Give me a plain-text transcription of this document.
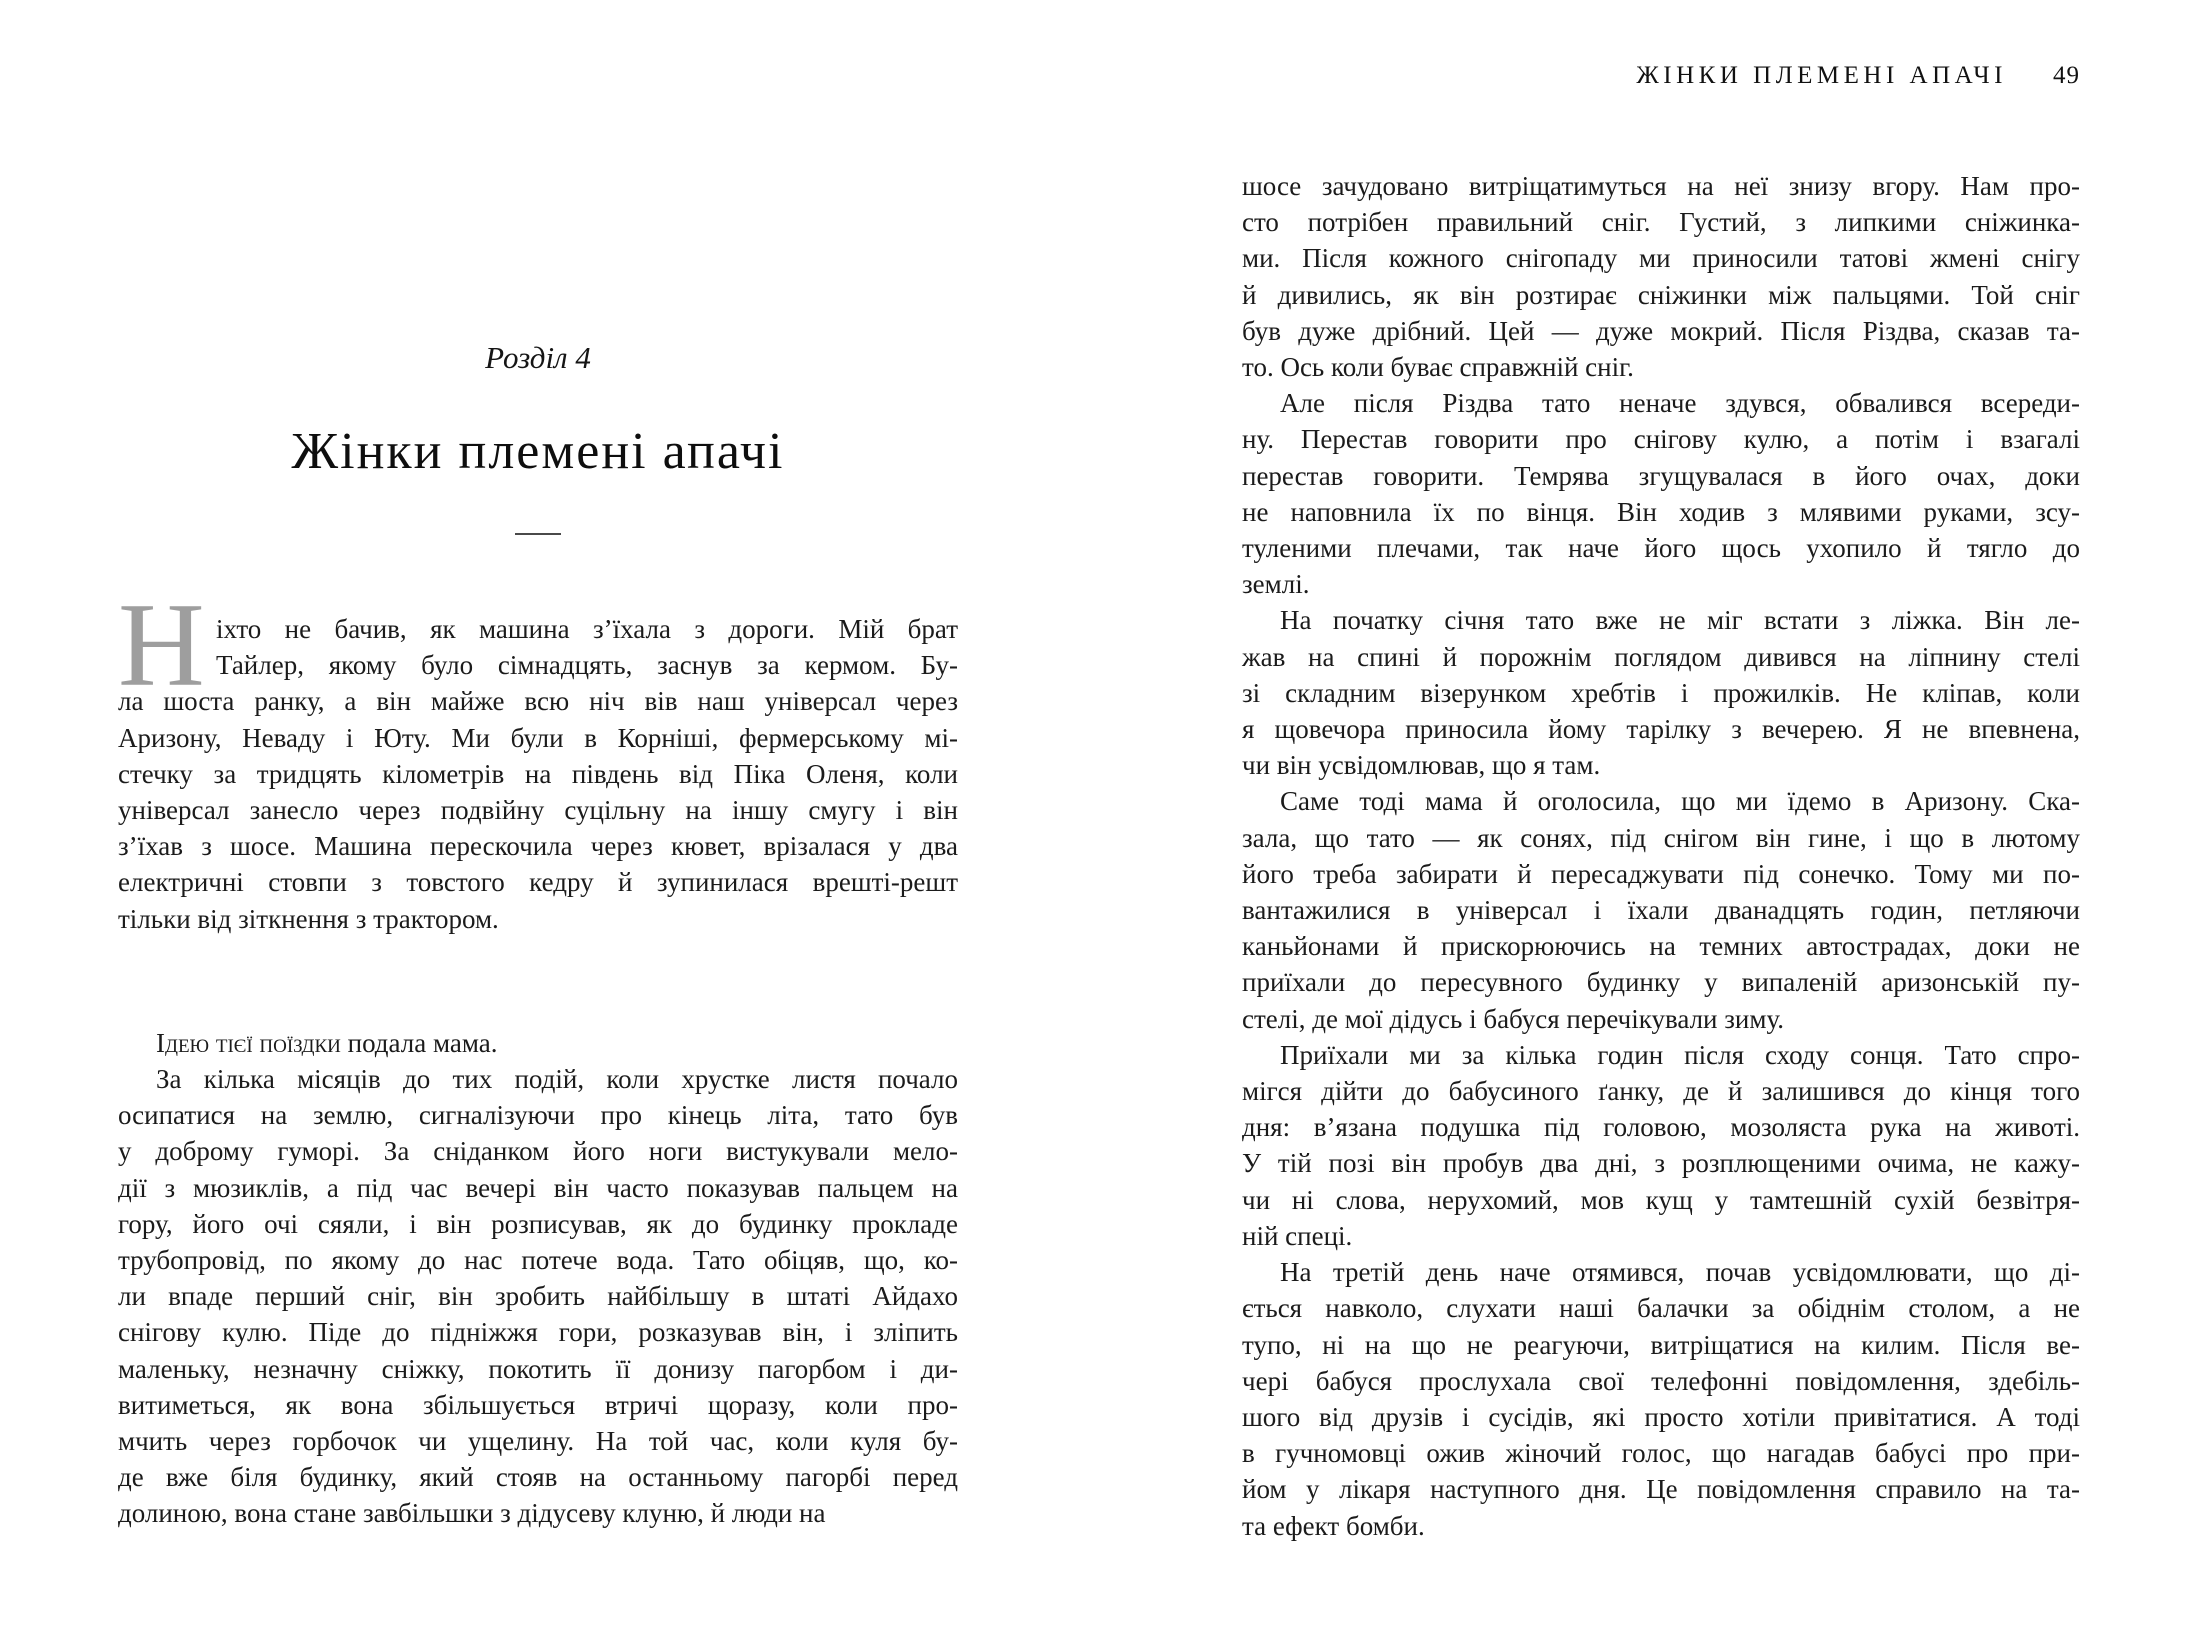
ЖІНКИ ПЛЕМЕНІ АПАЧІ 49
Розділ 4
Жінки племені апачі
Н іхто не бачив, як машина з’їхала з дороги. Мій брат
Тайлер, якому було сімнадцять, заснув за кермом. Бу-
ла шоста ранку, а він майже всю ніч вів наш універсал через
Аризону, Неваду і Юту. Ми були в Корніші, фермерському мі-
стечку за тридцять кілометрів на південь від Піка Оленя, коли
універсал занесло через подвійну суцільну на іншу смугу і він
з’їхав з шосе. Машина перескочила через кювет, врізалася у два
електричні стовпи з товстого кедру й зупинилася врешті-решт
тільки від зіткнення з трактором.
Ідею тієї поїздки подала мама.
За кілька місяців до тих подій, коли хрустке листя почало
осипатися на землю, сигналізуючи про кінець літа, тато був
у доброму гуморі. За сніданком його ноги вистукували мело-
дії з мюзиклів, а під час вечері він часто показував пальцем на
гору, його очі сяяли, і він розписував, як до будинку прокладе
трубопровід, по якому до нас потече вода. Тато обіцяв, що, ко-
ли впаде перший сніг, він зробить найбільшу в штаті Айдахо
снігову кулю. Піде до підніжжя гори, розказував він, і зліпить
маленьку, незначну сніжку, покотить її донизу пагорбом і ди-
витиметься, як вона збільшується втричі щоразу, коли про-
мчить через горбочок чи ущелину. На той час, коли куля бу-
де вже біля будинку, який стояв на останньому пагорбі перед
долиною, вона стане завбільшки з дідусеву клуню, й люди на
шосе зачудовано витріщатимуться на неї знизу вгору. Нам про-
сто потрібен правильний сніг. Густий, з липкими сніжинка-
ми. Після кожного снігопаду ми приносили татові жмені снігу
й дивились, як він розтирає сніжинки між пальцями. Той сніг
був дуже дрібний. Цей — дуже мокрий. Після Різдва, сказав та-
то. Ось коли буває справжній сніг.
Але після Різдва тато неначе здувся, обвалився всереди-
ну. Перестав говорити про снігову кулю, а потім і взагалі
перестав говорити. Темрява згущувалася в його очах, доки
не наповнила їх по вінця. Він ходив з млявими руками, зсу-
туленими плечами, так наче його щось ухопило й тягло до
землі.
На початку січня тато вже не міг встати з ліжка. Він ле-
жав на спині й порожнім поглядом дивився на ліпнину стелі
зі складним візерунком хребтів і прожилків. Не кліпав, коли
я щовечора приносила йому тарілку з вечерею. Я не впевнена,
чи він усвідомлював, що я там.
Саме тоді мама й оголосила, що ми їдемо в Аризону. Ска-
зала, що тато — як сонях, під снігом він гине, і що в лютому
його треба забирати й пересаджувати під сонечко. Тому ми по-
вантажилися в універсал і їхали дванадцять годин, петляючи
каньйонами й прискорюючись на темних автострадах, доки не
приїхали до пересувного будинку у випаленій аризонській пу-
стелі, де мої дідусь і бабуся перечікували зиму.
Приїхали ми за кілька годин після сходу сонця. Тато спро-
мігся дійти до бабусиного ґанку, де й залишився до кінця того
дня: в’язана подушка під головою, мозоляста рука на животі.
У тій позі він пробув два дні, з розплющеними очима, не кажу-
чи ні слова, нерухомий, мов кущ у тамтешній сухій безвітря-
ній спеці.
На третій день наче отямився, почав усвідомлювати, що ді-
ється навколо, слухати наші балачки за обіднім столом, а не
тупо, ні на що не реагуючи, витріщатися на килим. Після ве-
чері бабуся прослухала свої телефонні повідомлення, здебіль-
шого від друзів і сусідів, які просто хотіли привітатися. А тоді
в гучномовці ожив жіночий голос, що нагадав бабусі про при-
йом у лікаря наступного дня. Це повідомлення справило на та-
та ефект бомби.
